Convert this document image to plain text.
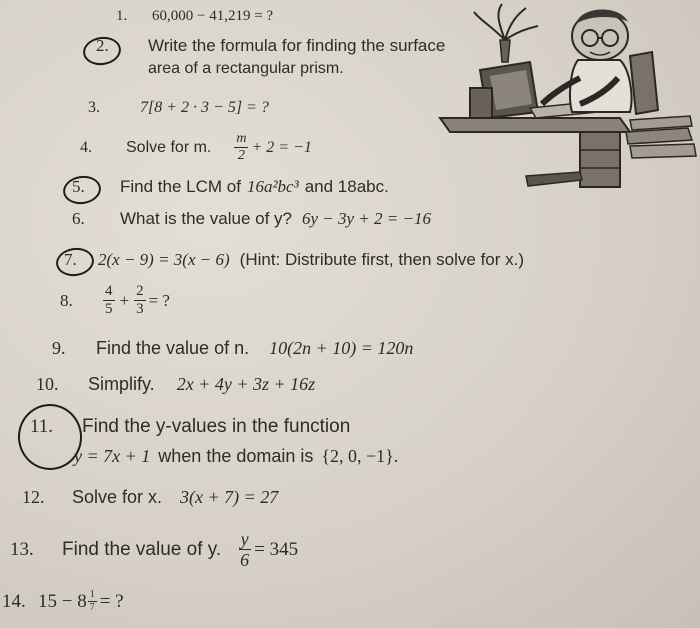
1.	60,000 − 41,219 = ?
2.	Write the formula for finding the surface
area of a rectangular prism.
3.	7[8 + 2 · 3 − 5] = ?
4.	Solve for m. $\frac{m}{2} + 2 = -1$
5.	Find the LCM of 16a²bc³ and 18abc.
6.	What is the value of y? 6y − 3y + 2 = −16
7.	2(x − 9) = 3(x − 6) (Hint: Distribute first, then solve for x.)
8.	$\frac{4}{5} + \frac{2}{3}$ = ?
9.	Find the value of n. 10(2n + 10) = 120n
10.	Simplify. 2x + 4y + 3z + 16z
11.	Find the y-values in the function
y = 7x + 1 when the domain is {2, 0, −1}.
12.	Solve for x. 3(x + 7) = 27
13.	Find the value of y. $\frac{y}{6} = 345$
14. $15 - 8 \frac{1}{7}$ = ?
